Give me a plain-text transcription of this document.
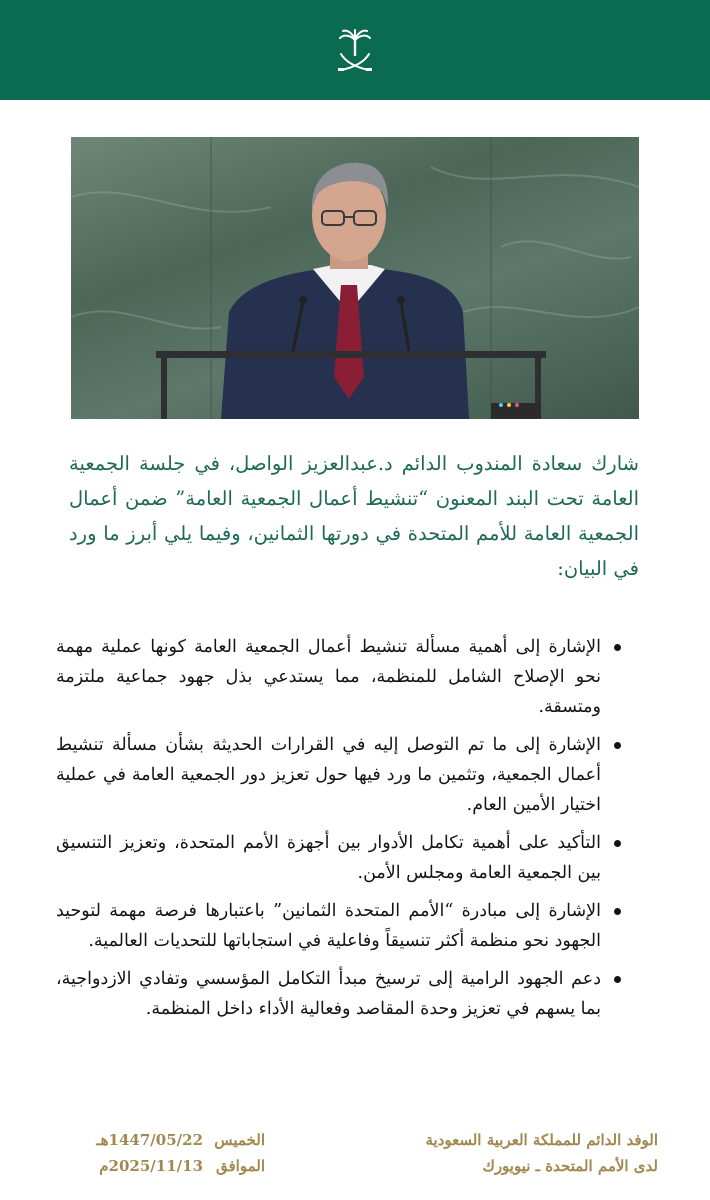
شارك سعادة المندوب الدائم د.عبدالعزيز الواصل، في جلسة الجمعية العامة تحت البند المعنون “تنشيط أعمال الجمعية العامة” ضمن أعمال الجمعية العامة للأمم المتحدة في دورتها الثمانين، وفيما يلي أبرز ما ورد في البيان:

الإشارة إلى أهمية مسألة تنشيط أعمال الجمعية العامة كونها عملية مهمة نحو الإصلاح الشامل للمنظمة، مما يستدعي بذل جهود جماعية ملتزمة ومتسقة.
الإشارة إلى ما تم التوصل إليه في القرارات الحديثة بشأن مسألة تنشيط أعمال الجمعية، وتثمين ما ورد فيها حول تعزيز دور الجمعية العامة في عملية اختيار الأمين العام.
التأكيد على أهمية تكامل الأدوار بين أجهزة الأمم المتحدة، وتعزيز التنسيق بين الجمعية العامة ومجلس الأمن.
الإشارة إلى مبادرة “الأمم المتحدة الثمانين” باعتبارها فرصة مهمة لتوحيد الجهود نحو منظمة أكثر تنسيقاً وفاعلية في استجاباتها للتحديات العالمية.
دعم الجهود الرامية إلى ترسيخ مبدأ التكامل المؤسسي وتفادي الازدواجية، بما يسهم في تعزيز وحدة المقاصد وفعالية الأداء داخل المنظمة.
الوفد الدائم للمملكة العربية السعودية
لدى الأمم المتحدة ـ نيويورك
الخميس
1447/05/22هـ
الموافق
2025/11/13م
